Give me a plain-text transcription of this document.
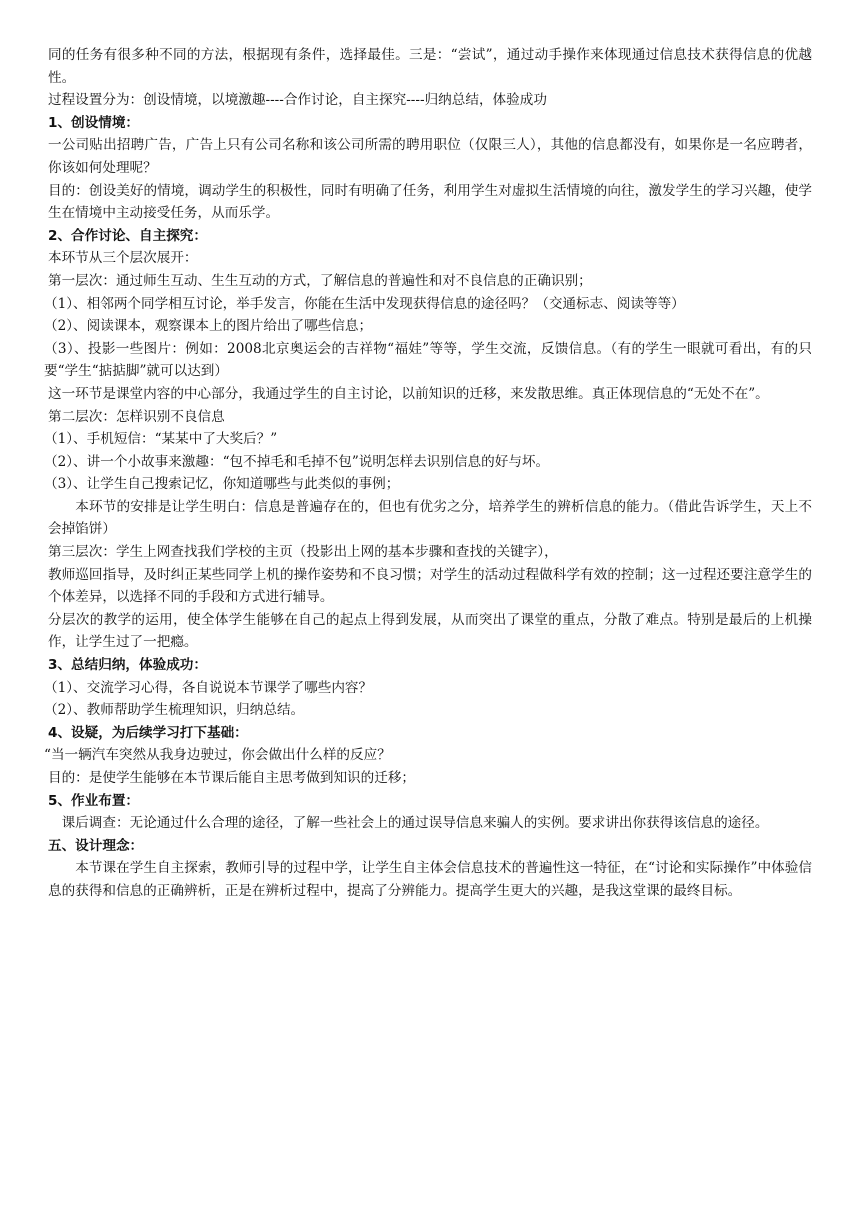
同的任务有很多种不同的方法，根据现有条件，选择最佳。三是：“尝试”，通过动手操作来体现通过信息技术获得信息的优越性。

过程设置分为：创设情境，以境激趣----合作讨论，自主探究----归纳总结，体验成功

1、创设情境：

一公司贴出招聘广告，广告上只有公司名称和该公司所需的聘用职位（仅限三人），其他的信息都没有，如果你是一名应聘者，你该如何处理呢？

目的：创设美好的情境，调动学生的积极性，同时有明确了任务，利用学生对虚拟生活情境的向往，激发学生的学习兴趣，使学生在情境中主动接受任务，从而乐学。

2、合作讨论、自主探究：

本环节从三个层次展开：

第一层次：通过师生互动、生生互动的方式，了解信息的普遍性和对不良信息的正确识别；

（1）、相邻两个同学相互讨论，举手发言，你能在生活中发现获得信息的途径吗？（交通标志、阅读等等）

（2）、阅读课本，观察课本上的图片给出了哪些信息；

（3）、投影一些图片：例如：2008北京奥运会的吉祥物“福娃”等等，学生交流，反馈信息。（有的学生一眼就可看出，有的只要“学生“掂掂脚”就可以达到）

这一环节是课堂内容的中心部分，我通过学生的自主讨论，以前知识的迁移，来发散思维。真正体现信息的“无处不在”。

第二层次：怎样识别不良信息

（1）、手机短信：“某某中了大奖后？”

（2）、讲一个小故事来激趣：“包不掉毛和毛掉不包”说明怎样去识别信息的好与坏。

（3）、让学生自己搜索记忆，你知道哪些与此类似的事例；

本环节的安排是让学生明白：信息是普遍存在的，但也有优劣之分，培养学生的辨析信息的能力。（借此告诉学生，天上不会掉馅饼）

第三层次：学生上网查找我们学校的主页（投影出上网的基本步骤和查找的关键字），

教师巡回指导，及时纠正某些同学上机的操作姿势和不良习惯；对学生的活动过程做科学有效的控制；这一过程还要注意学生的个体差异，以选择不同的手段和方式进行辅导。

分层次的教学的运用，使全体学生能够在自己的起点上得到发展，从而突出了课堂的重点，分散了难点。特别是最后的上机操作，让学生过了一把瘾。

3、总结归纳，体验成功：

（1）、交流学习心得，各自说说本节课学了哪些内容？

（2）、教师帮助学生梳理知识，归纳总结。

4、设疑，为后续学习打下基础：

“当一辆汽车突然从我身边驶过，你会做出什么样的反应？

目的：是使学生能够在本节课后能自主思考做到知识的迁移；

5、作业布置：

课后调查：无论通过什么合理的途径，了解一些社会上的通过误导信息来骗人的实例。要求讲出你获得该信息的途径。

五、设计理念：

本节课在学生自主探索，教师引导的过程中学，让学生自主体会信息技术的普遍性这一特征，在“讨论和实际操作”中体验信息的获得和信息的正确辨析，正是在辨析过程中，提高了分辨能力。提高学生更大的兴趣，是我这堂课的最终目标。
